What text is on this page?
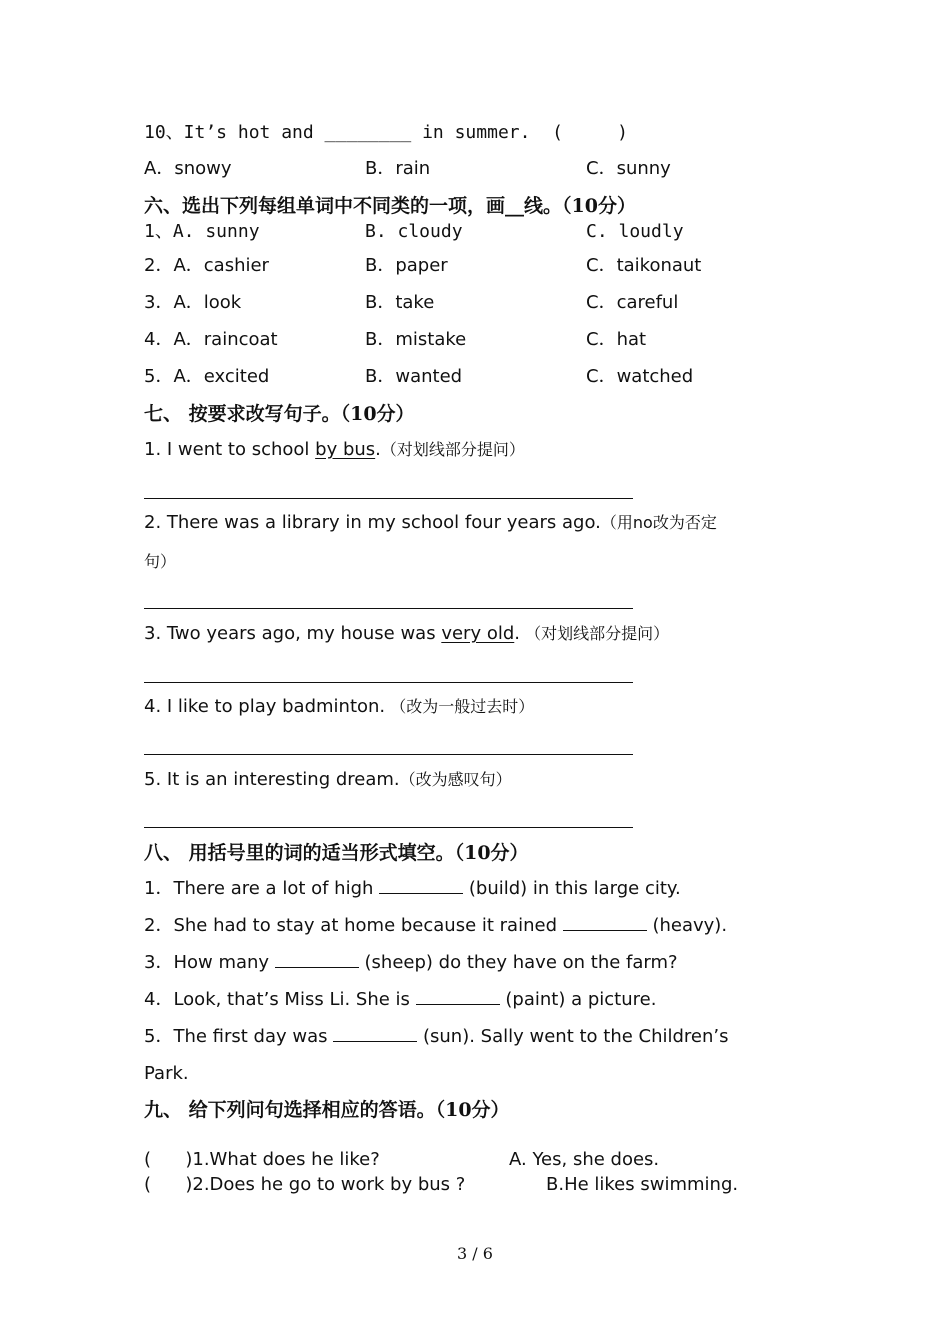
10、It’s hot and ________ in summer.  (     )
A．snowy	B．rain	C．sunny
六、选出下列每组单词中不同类的一项，画__线。（10分）
1、A. sunny	B. cloudy	C. loudly
2．A．cashier	B．paper	C．taikonaut
3．A．look	B．take	C．careful
4．A．raincoat	B．mistake	C．hat
5．A．excited	B．wanted	C．watched
七、 按要求改写句子。（10分）
1. I went to school by bus.（对划线部分提问）
2. There was a library in my school four years ago.（用no改为否定
句）
3. Two years ago, my house was very old. （对划线部分提问）
4. I like to play badminton. （改为一般过去时）
5. It is an interesting dream.（改为感叹句）
八、 用括号里的词的适当形式填空。（10分）
1．There are a lot of high	(build) in this large city.
2．She had to stay at home because it rained	(heavy).
3．How many	(sheep) do they have on the farm?
4．Look, that’s Miss Li. She is	(paint) a picture.
5．The first day was	(sun). Sally went to the Children’s
Park.
九、 给下列问句选择相应的答语。（10分）
(      )1.What does he like?	A. Yes, she does.
(      )2.Does he go to work by bus ?	B.He likes swimming.
3 / 6
